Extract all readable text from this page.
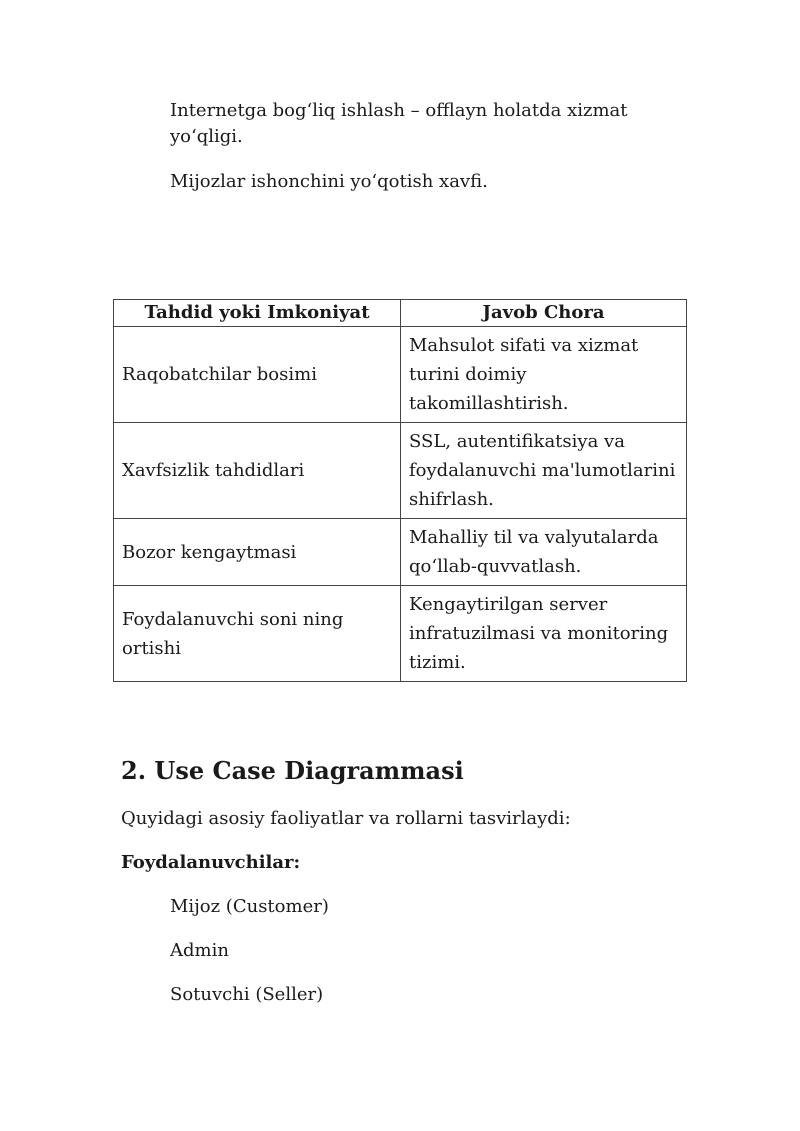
Internetga bog‘liq ishlash – offlayn holatda xizmat yo‘qligi.

Mijozlar ishonchini yo‘qotish xavfi.

Tahdid yoki Imkoniyat	Javob Chora
Raqobatchilar bosimi	Mahsulot sifati va xizmat turini doimiy takomillashtirish.
Xavfsizlik tahdidlari	SSL, autentifikatsiya va foydalanuvchi ma'lumotlarini shifrlash.
Bozor kengaytmasi	Mahalliy til va valyutalarda qo‘llab-quvvatlash.
Foydalanuvchi soni ning ortishi	Kengaytirilgan server infratuzilmasi va monitoring tizimi.
2. Use Case Diagrammasi

Quyidagi asosiy faoliyatlar va rollarni tasvirlaydi:

Foydalanuvchilar:

Mijoz (Customer)

Admin

Sotuvchi (Seller)
